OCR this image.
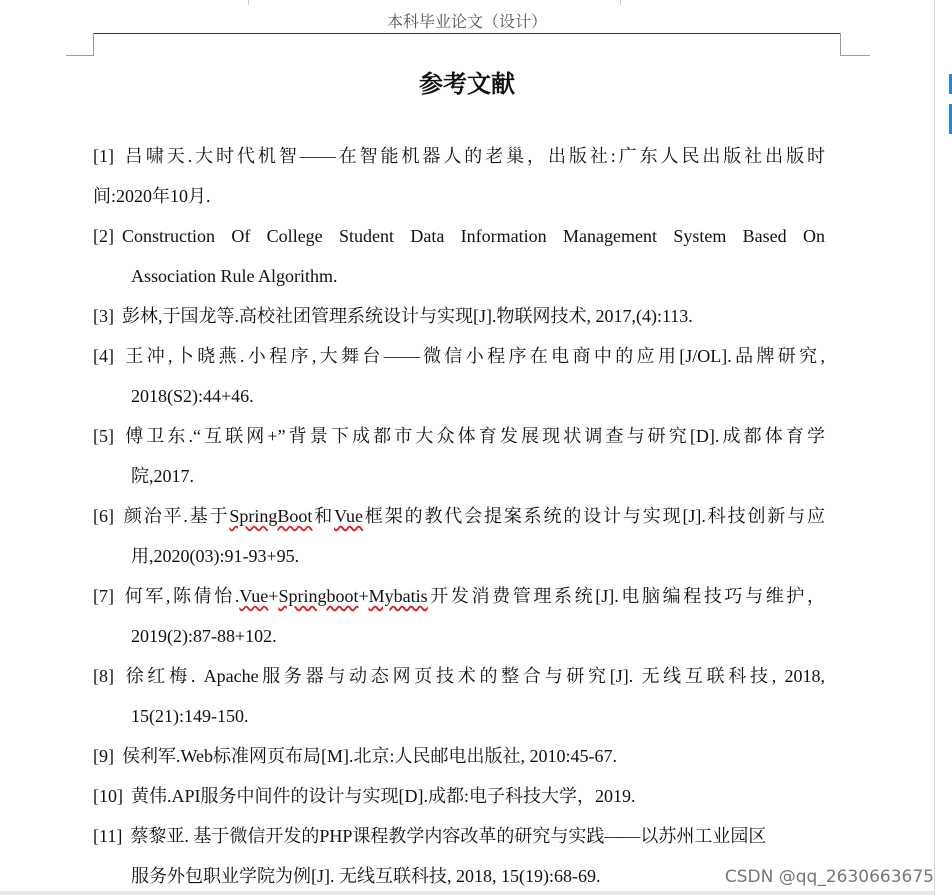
本科毕业论文（设计）
参考文献
[1] 吕啸天.大时代机智——在智能机器人的老巢，出版社:广东人民出版社出版时
间:2020年10月.
[2] Construction Of College Student Data Information Management System Based On
Association Rule Algorithm.
[3] 彭林,于国龙等.高校社团管理系统设计与实现[J].物联网技术, 2017,(4):113.
[4] 王冲,卜晓燕.小程序,大舞台——微信小程序在电商中的应用[J/OL].品牌研究,
2018(S2):44+46.
[5] 傅卫东.“互联网+”背景下成都市大众体育发展现状调查与研究[D].成都体育学
院,2017.
[6] 颜治平.基于SpringBoot和Vue框架的教代会提案系统的设计与实现[J].科技创新与应
用,2020(03):91-93+95.
[7] 何军,陈倩怡.Vue+Springboot+Mybatis开发消费管理系统[J].电脑编程技巧与维护，
2019(2):87-88+102.
[8] 徐红梅. Apache服务器与动态网页技术的整合与研究[J]. 无线互联科技, 2018,
15(21):149-150.
[9] 侯利军.Web标准网页布局[M].北京:人民邮电出版社, 2010:45-67.
[10] 黄伟.API服务中间件的设计与实现[D].成都:电子科技大学，2019.
[11] 蔡黎亚. 基于微信开发的PHP课程教学内容改革的研究与实践——以苏州工业园区
服务外包职业学院为例[J]. 无线互联科技, 2018, 15(19):68-69.	CSDN @qq_2630663675
